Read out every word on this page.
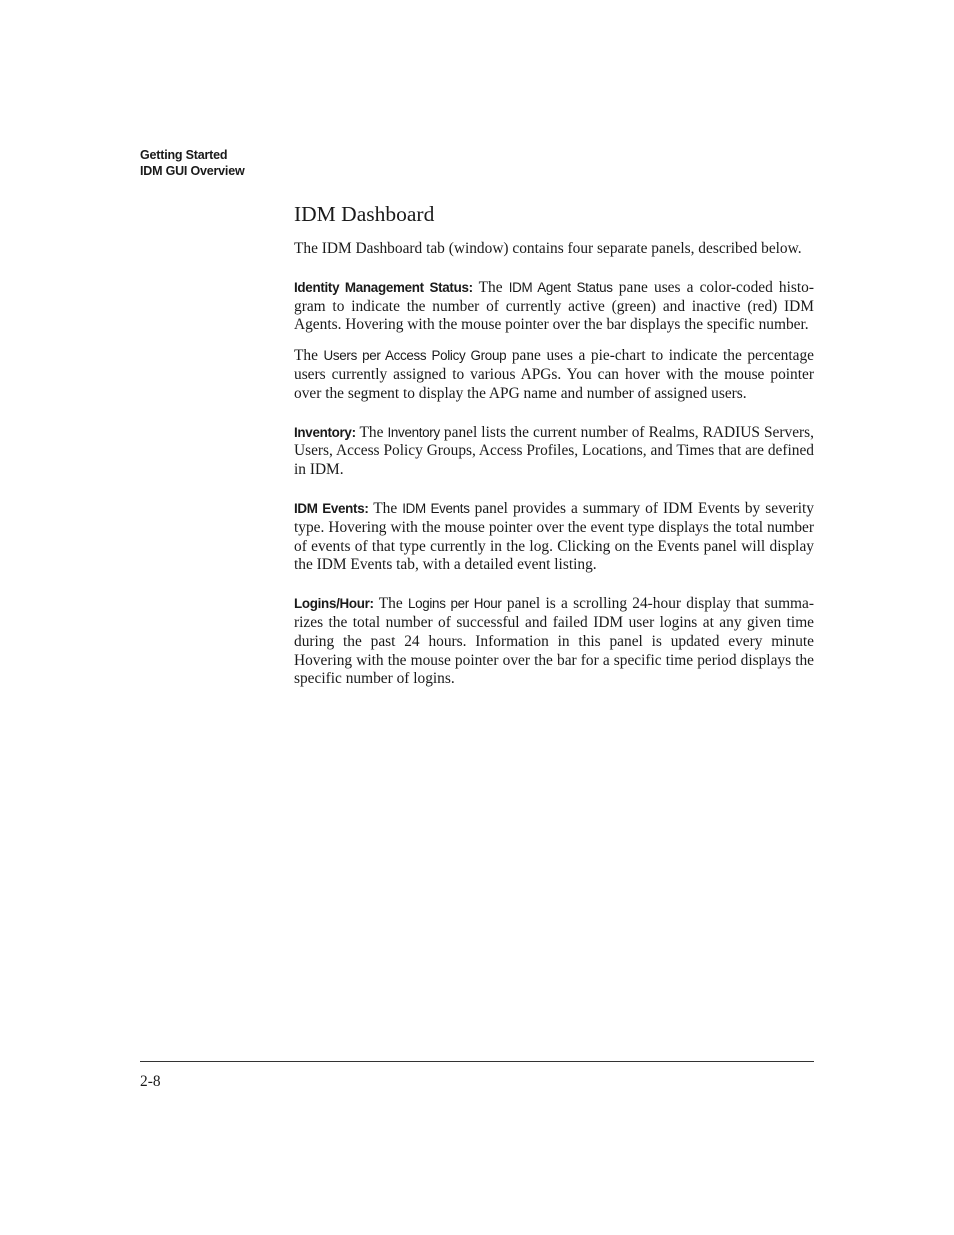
Getting Started
IDM GUI Overview
IDM Dashboard

The IDM Dashboard tab (window) contains four separate panels, described below.

Identity Management Status: The IDM Agent Status pane uses a color-coded histo-gram to indicate the number of currently active (green) and inactive (red) IDM Agents. Hovering with the mouse pointer over the bar displays the specific number.

The Users per Access Policy Group pane uses a pie-chart to indicate the percentage users currently assigned to various APGs. You can hover with the mouse pointer over the segment to display the APG name and number of assigned users.

Inventory: The Inventory panel lists the current number of Realms, RADIUS Servers, Users, Access Policy Groups, Access Profiles, Locations, and Times that are defined in IDM.

IDM Events: The IDM Events panel provides a summary of IDM Events by severity type. Hovering with the mouse pointer over the event type displays the total number of events of that type currently in the log. Clicking on the Events panel will display the IDM Events tab, with a detailed event listing.

Logins/Hour: The Logins per Hour panel is a scrolling 24-hour display that summa-rizes the total number of successful and failed IDM user logins at any given time during the past 24 hours. Information in this panel is updated every minute Hovering with the mouse pointer over the bar for a specific time period displays the specific number of logins.

2-8
